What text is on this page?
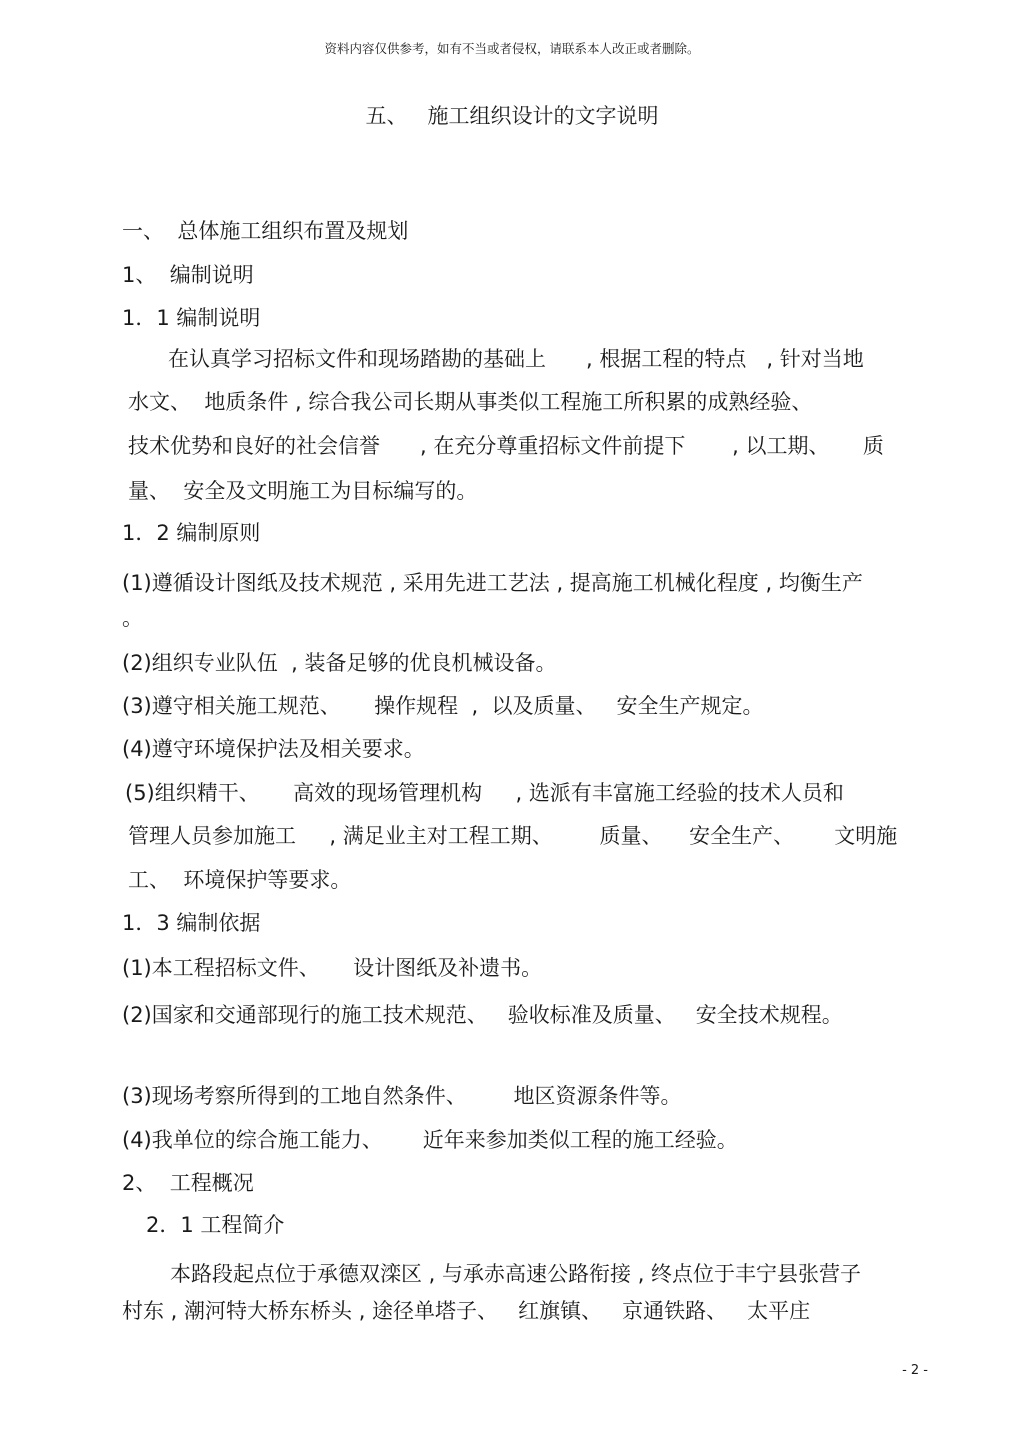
资料内容仅供参考，如有不当或者侵权，请联系本人改正或者删除。
五、   施工组织设计的文字说明
一、  总体施工组织布置及规划
1、  编制说明
1．1 编制说明
在认真学习招标文件和现场踏勘的基础上      , 根据工程的特点   , 针对当地
水文、  地质条件 , 综合我公司长期从事类似工程施工所积累的成熟经验、
技术优势和良好的社会信誉      , 在充分尊重招标文件前提下       , 以工期、     质
量、  安全及文明施工为目标编写的。
1．2 编制原则
(1)遵循设计图纸及技术规范 , 采用先进工艺法 , 提高施工机械化程度 , 均衡生产
。
(2)组织专业队伍  , 装备足够的优良机械设备。
(3)遵守相关施工规范、     操作规程  ,  以及质量、   安全生产规定。
(4)遵守环境保护法及相关要求。
(5)组织精干、     高效的现场管理机构     , 选派有丰富施工经验的技术人员和
管理人员参加施工     , 满足业主对工程工期、       质量、    安全生产、      文明施
工、  环境保护等要求。
1．3 编制依据
(1)本工程招标文件、     设计图纸及补遗书。
(2)国家和交通部现行的施工技术规范、   验收标准及质量、   安全技术规程。
(3)现场考察所得到的工地自然条件、       地区资源条件等。
(4)我单位的综合施工能力、      近年来参加类似工程的施工经验。
2、  工程概况
2．1 工程简介
本路段起点位于承德双滦区 , 与承赤高速公路衔接 , 终点位于丰宁县张营子
村东 , 潮河特大桥东桥头 , 途径单塔子、   红旗镇、   京通铁路、   太平庄
- 2 -
